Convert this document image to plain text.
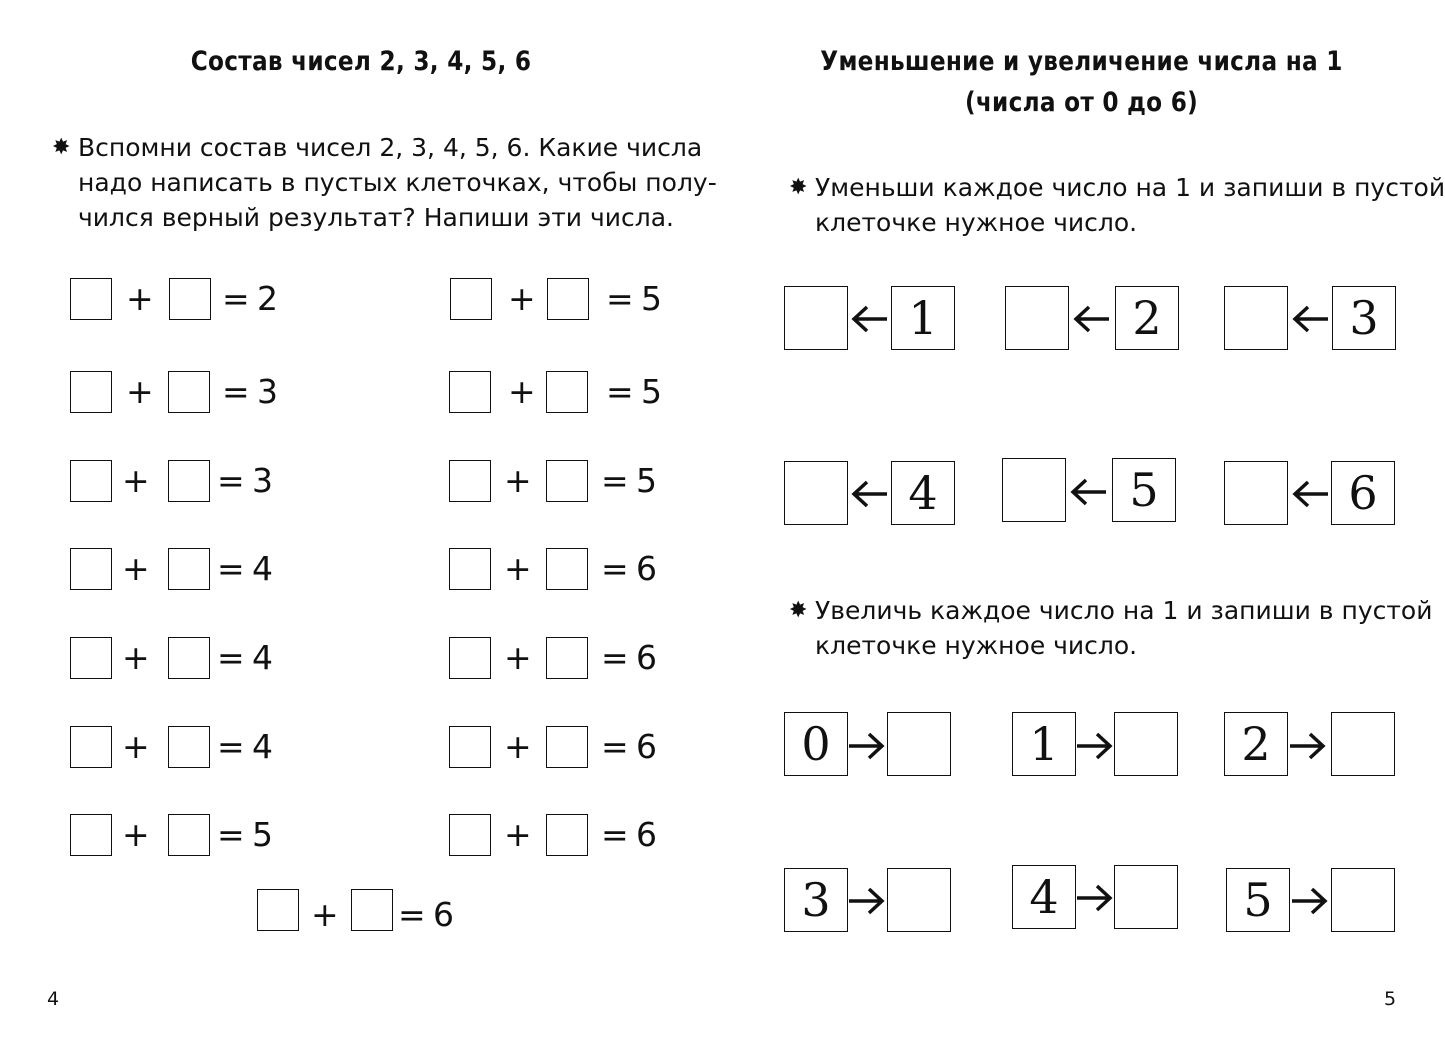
Состав чисел 2, 3, 4, 5, 6
✸ Вспомни состав чисел 2, 3, 4, 5, 6. Какие числа
надо написать в пустых клеточках, чтобы полу-
чился верный результат? Напиши эти числа.
+ = 2
+ = 3
+ = 3
+ = 4
+ = 4
+ = 4
+ = 5
+ = 5
+ = 5
+ = 5
+ = 6
+ = 6
+ = 6
+ = 6
+ = 6
4
Уменьшение и увеличение числа на 1
(числа от 0 до 6)
✸ Уменьши каждое число на 1 и запиши в пустой
клеточке нужное число.
1	2	3
4	5	6
✸ Увеличь каждое число на 1 и запиши в пустой
клеточке нужное число.
0	1	2
3	4	5
5
